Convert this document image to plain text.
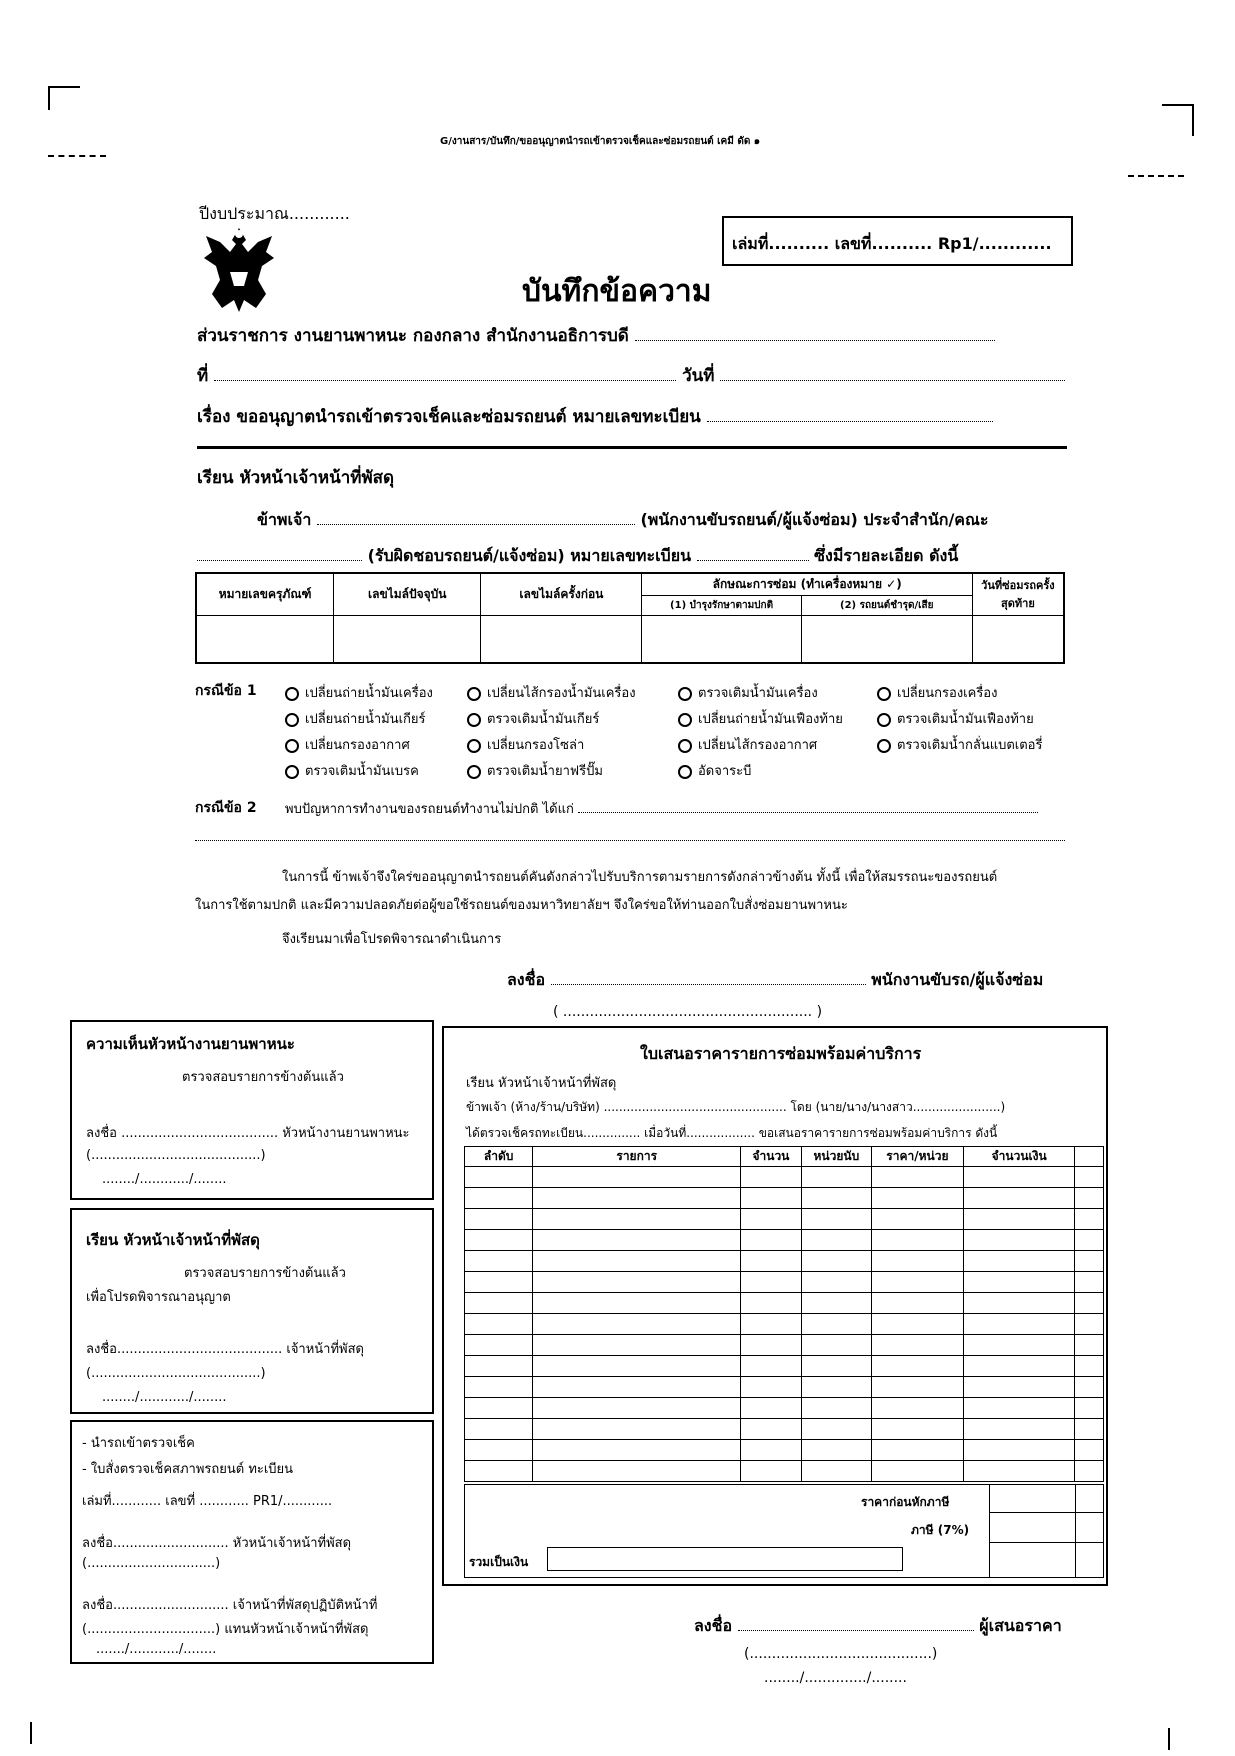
G/งานสาร/บันทึก/ขออนุญาตนำรถเข้าตรวจเช็คและซ่อมรถยนต์ เคมี ดัด ๑
ปีงบประมาณ............
เล่มที่.......... เลขที่.......... Rp1/............
บันทึกข้อความ
ส่วนราชการ งานยานพาหนะ กองกลาง สำนักงานอธิการบดี
ที่	วันที่
เรื่อง ขออนุญาตนำรถเข้าตรวจเช็คและซ่อมรถยนต์ หมายเลขทะเบียน
เรียน หัวหน้าเจ้าหน้าที่พัสดุ
ข้าพเจ้า	(พนักงานขับรถยนต์/ผู้แจ้งซ่อม) ประจำสำนัก/คณะ
(รับผิดชอบรถยนต์/แจ้งซ่อม) หมายเลขทะเบียน	ซึ่งมีรายละเอียด ดังนี้
หมายเลขครุภัณฑ์	เลขไมล์ปัจจุบัน	เลขไมล์ครั้งก่อน	ลักษณะการซ่อม (ทำเครื่องหมาย ✓)		วันที่ซ่อมรถครั้งสุดท้าย
			(1) บำรุงรักษาตามปกติ	(2) รถยนต์ชำรุด/เสีย	

กรณีข้อ 1	เปลี่ยนถ่ายน้ำมันเครื่อง	เปลี่ยนไส้กรองน้ำมันเครื่อง	ตรวจเติมน้ำมันเครื่อง	เปลี่ยนกรองเครื่อง
เปลี่ยนถ่ายน้ำมันเกียร์	ตรวจเติมน้ำมันเกียร์	เปลี่ยนถ่ายน้ำมันเฟืองท้าย	ตรวจเติมน้ำมันเฟืองท้าย
เปลี่ยนกรองอากาศ	เปลี่ยนกรองโซล่า	เปลี่ยนไส้กรองอากาศ	ตรวจเติมน้ำกลั่นแบตเตอรี่
ตรวจเติมน้ำมันเบรค	ตรวจเติมน้ำยาฟรีปั๊ม	อัดจาระบี
กรณีข้อ 2 พบปัญหาการทำงานของรถยนต์ทำงานไม่ปกติ ได้แก่
ในการนี้ ข้าพเจ้าจึงใคร่ขออนุญาตนำรถยนต์คันดังกล่าวไปรับบริการตามรายการดังกล่าวข้างต้น ทั้งนี้ เพื่อให้สมรรถนะของรถยนต์
ในการใช้ตามปกติ และมีความปลอดภัยต่อผู้ขอใช้รถยนต์ของมหาวิทยาลัยฯ จึงใคร่ขอให้ท่านออกใบสั่งซ่อมยานพาหนะ
จึงเรียนมาเพื่อโปรดพิจารณาดำเนินการ
ลงชื่อ	พนักงานขับรถ/ผู้แจ้งซ่อม
( ........................................................ )
ความเห็นหัวหน้างานยานพาหนะ
ตรวจสอบรายการข้างต้นแล้ว
ลงชื่อ ...................................... หัวหน้างานยานพาหนะ
(.........................................)
......../............/........
เรียน หัวหน้าเจ้าหน้าที่พัสดุ
ตรวจสอบรายการข้างต้นแล้ว
เพื่อโปรดพิจารณาอนุญาต
ลงชื่อ........................................ เจ้าหน้าที่พัสดุ
(.........................................)
......../............/........
- นำรถเข้าตรวจเช็ค
- ใบสั่งตรวจเช็คสภาพรถยนต์ ทะเบียน
เล่มที่............ เลขที่ ............ PR1/............
ลงชื่อ............................ หัวหน้าเจ้าหน้าที่พัสดุ
(...............................)
ลงชื่อ............................ เจ้าหน้าที่พัสดุปฏิบัติหน้าที่
(...............................) แทนหัวหน้าเจ้าหน้าที่พัสดุ
......./............/........
ใบเสนอราคารายการซ่อมพร้อมค่าบริการ
เรียน หัวหน้าเจ้าหน้าที่พัสดุ
ข้าพเจ้า (ห้าง/ร้าน/บริษัท) ................................................ โดย (นาย/นาง/นางสาว.......................)
ได้ตรวจเช็ครถทะเบียน............... เมื่อวันที่.................. ขอเสนอราคารายการซ่อมพร้อมค่าบริการ ดังนี้
ลำดับ	รายการ	จำนวน	หน่วยนับ	ราคา/หน่วย	จำนวนเงิน	

ราคาก่อนหักภาษี
ภาษี (7%)
รวมเป็นเงิน
ลงชื่อ	ผู้เสนอราคา
(.........................................)
......../............../........
